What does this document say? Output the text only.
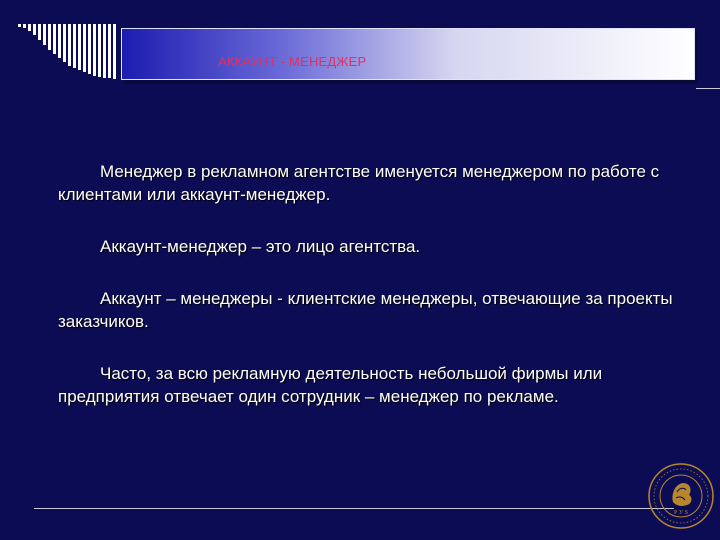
АККАУНТ - МЕНЕДЖЕР

Менеджер в рекламном агентстве именуется менеджером по работе с клиентами или аккаунт-менеджер.

Аккаунт-менеджер – это лицо агентства.

Аккаунт – менеджеры - клиентские менеджеры, отвечающие за проекты заказчиков.

Часто, за всю рекламную деятельность небольшой фирмы или предприятия отвечает один сотрудник – менеджер по рекламе.

Р У S
